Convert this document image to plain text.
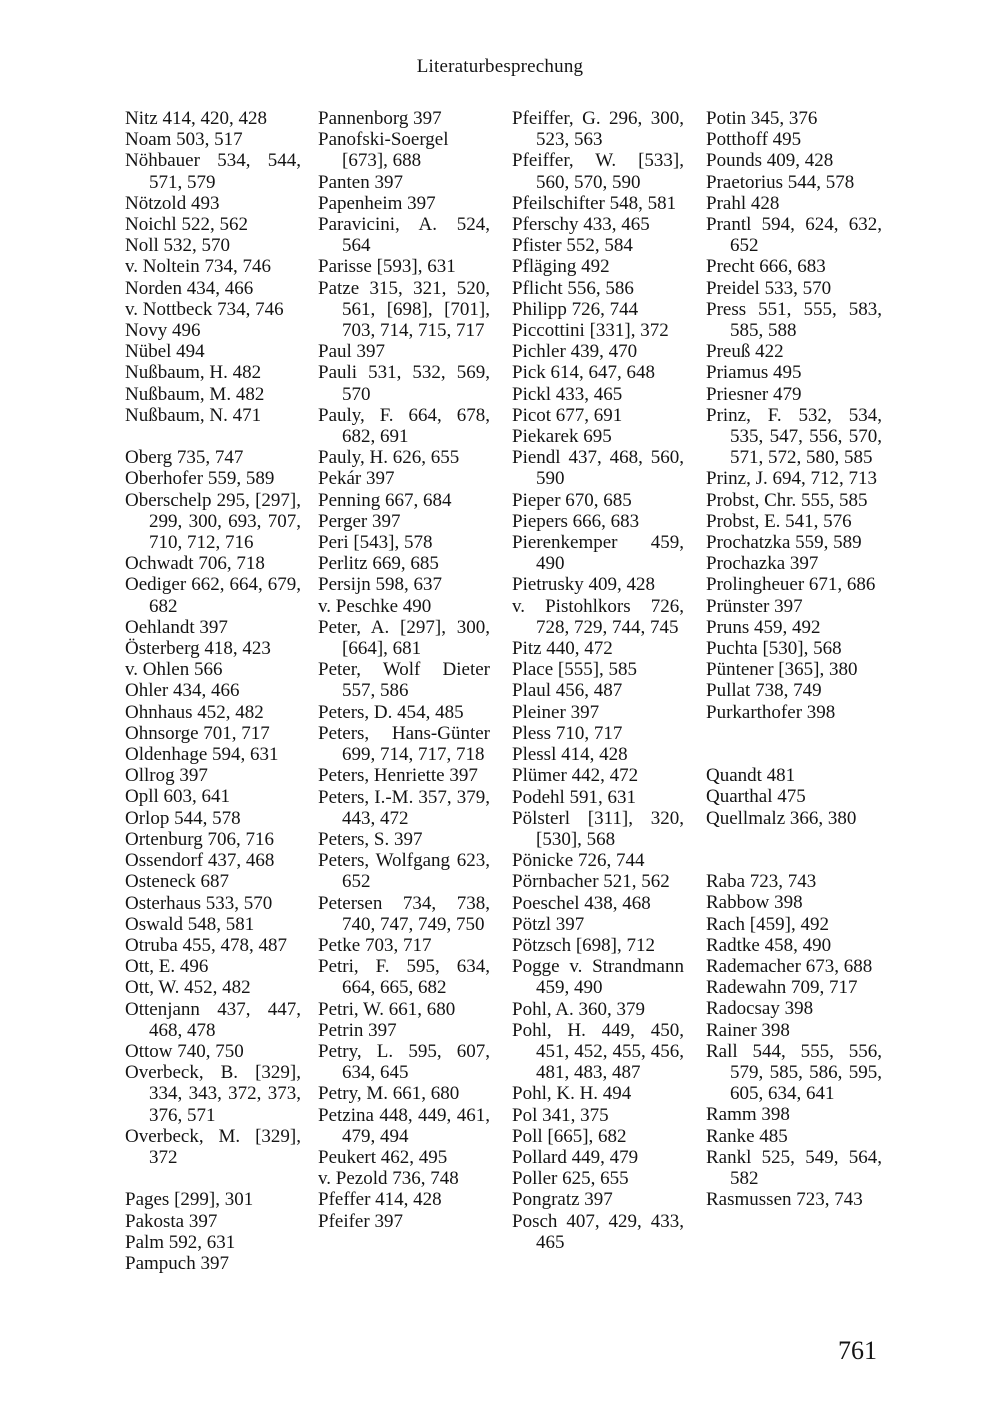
Literaturbesprechung

Nitz 414, 420, 428

Noam 503, 517

Nöhbauer 534, 544, 571, 579

Nötzold 493

Noichl 522, 562

Noll 532, 570

v. Noltein 734, 746

Norden 434, 466

v. Nottbeck 734, 746

Novy 496

Nübel 494

Nußbaum, H. 482

Nußbaum, M. 482

Nußbaum, N. 471

Oberg 735, 747

Oberhofer 559, 589

Oberschelp 295, [297], 299, 300, 693, 707, 710, 712, 716

Ochwadt 706, 718

Oediger 662, 664, 679, 682

Oehlandt 397

Österberg 418, 423

v. Ohlen 566

Ohler 434, 466

Ohnhaus 452, 482

Ohnsorge 701, 717

Oldenhage 594, 631

Ollrog 397

Opll 603, 641

Orlop 544, 578

Ortenburg 706, 716

Ossendorf 437, 468

Osteneck 687

Osterhaus 533, 570

Oswald 548, 581

Otruba 455, 478, 487

Ott, E. 496

Ott, W. 452, 482

Ottenjann 437, 447, 468, 478

Ottow 740, 750

Overbeck, B. [329], 334, 343, 372, 373, 376, 571

Overbeck, M. [329], 372

Pages [299], 301

Pakosta 397

Palm 592, 631

Pampuch 397

Pannenborg 397

Panofski-Soergel [673], 688

Panten 397

Papenheim 397

Paravicini, A. 524, 564

Parisse [593], 631

Patze 315, 321, 520, 561, [698], [701], 703, 714, 715, 717

Paul 397

Pauli 531, 532, 569, 570

Pauly, F. 664, 678, 682, 691

Pauly, H. 626, 655

Pekár 397

Penning 667, 684

Perger 397

Peri [543], 578

Perlitz 669, 685

Persijn 598, 637

v. Peschke 490

Peter, A. [297], 300, [664], 681

Peter, Wolf Dieter 557, 586

Peters, D. 454, 485

Peters, Hans-Günter 699, 714, 717, 718

Peters, Henriette 397

Peters, I.-M. 357, 379, 443, 472

Peters, S. 397

Peters, Wolfgang 623, 652

Petersen 734, 738, 740, 747, 749, 750

Petke 703, 717

Petri, F. 595, 634, 664, 665, 682

Petri, W. 661, 680

Petrin 397

Petry, L. 595, 607, 634, 645

Petry, M. 661, 680

Petzina 448, 449, 461, 479, 494

Peukert 462, 495

v. Pezold 736, 748

Pfeffer 414, 428

Pfeifer 397

Pfeiffer, G. 296, 300, 523, 563

Pfeiffer, W. [533], 560, 570, 590

Pfeilschifter 548, 581

Pferschy 433, 465

Pfister 552, 584

Pfläging 492

Pflicht 556, 586

Philipp 726, 744

Piccottini [331], 372

Pichler 439, 470

Pick 614, 647, 648

Pickl 433, 465

Picot 677, 691

Piekarek 695

Piendl 437, 468, 560, 590

Pieper 670, 685

Piepers 666, 683

Pierenkemper 459, 490

Pietrusky 409, 428

v. Pistohlkors 726, 728, 729, 744, 745

Pitz 440, 472

Place [555], 585

Plaul 456, 487

Pleiner 397

Pless 710, 717

Plessl 414, 428

Plümer 442, 472

Podehl 591, 631

Pölsterl [311], 320, [530], 568

Pönicke 726, 744

Pörnbacher 521, 562

Poeschel 438, 468

Pötzl 397

Pötzsch [698], 712

Pogge v. Strandmann 459, 490

Pohl, A. 360, 379

Pohl, H. 449, 450, 451, 452, 455, 456, 481, 483, 487

Pohl, K. H. 494

Pol 341, 375

Poll [665], 682

Pollard 449, 479

Poller 625, 655

Pongratz 397

Posch 407, 429, 433, 465

Potin 345, 376

Potthoff 495

Pounds 409, 428

Praetorius 544, 578

Prahl 428

Prantl 594, 624, 632, 652

Precht 666, 683

Preidel 533, 570

Press 551, 555, 583, 585, 588

Preuß 422

Priamus 495

Priesner 479

Prinz, F. 532, 534, 535, 547, 556, 570, 571, 572, 580, 585

Prinz, J. 694, 712, 713

Probst, Chr. 555, 585

Probst, E. 541, 576

Prochatzka 559, 589

Prochazka 397

Prolingheuer 671, 686

Prünster 397

Pruns 459, 492

Puchta [530], 568

Püntener [365], 380

Pullat 738, 749

Purkarthofer 398

Quandt 481

Quarthal 475

Quellmalz 366, 380

Raba 723, 743

Rabbow 398

Rach [459], 492

Radtke 458, 490

Rademacher 673, 688

Radewahn 709, 717

Radocsay 398

Rainer 398

Rall 544, 555, 556, 579, 585, 586, 595, 605, 634, 641

Ramm 398

Ranke 485

Rankl 525, 549, 564, 582

Rasmussen 723, 743

761
